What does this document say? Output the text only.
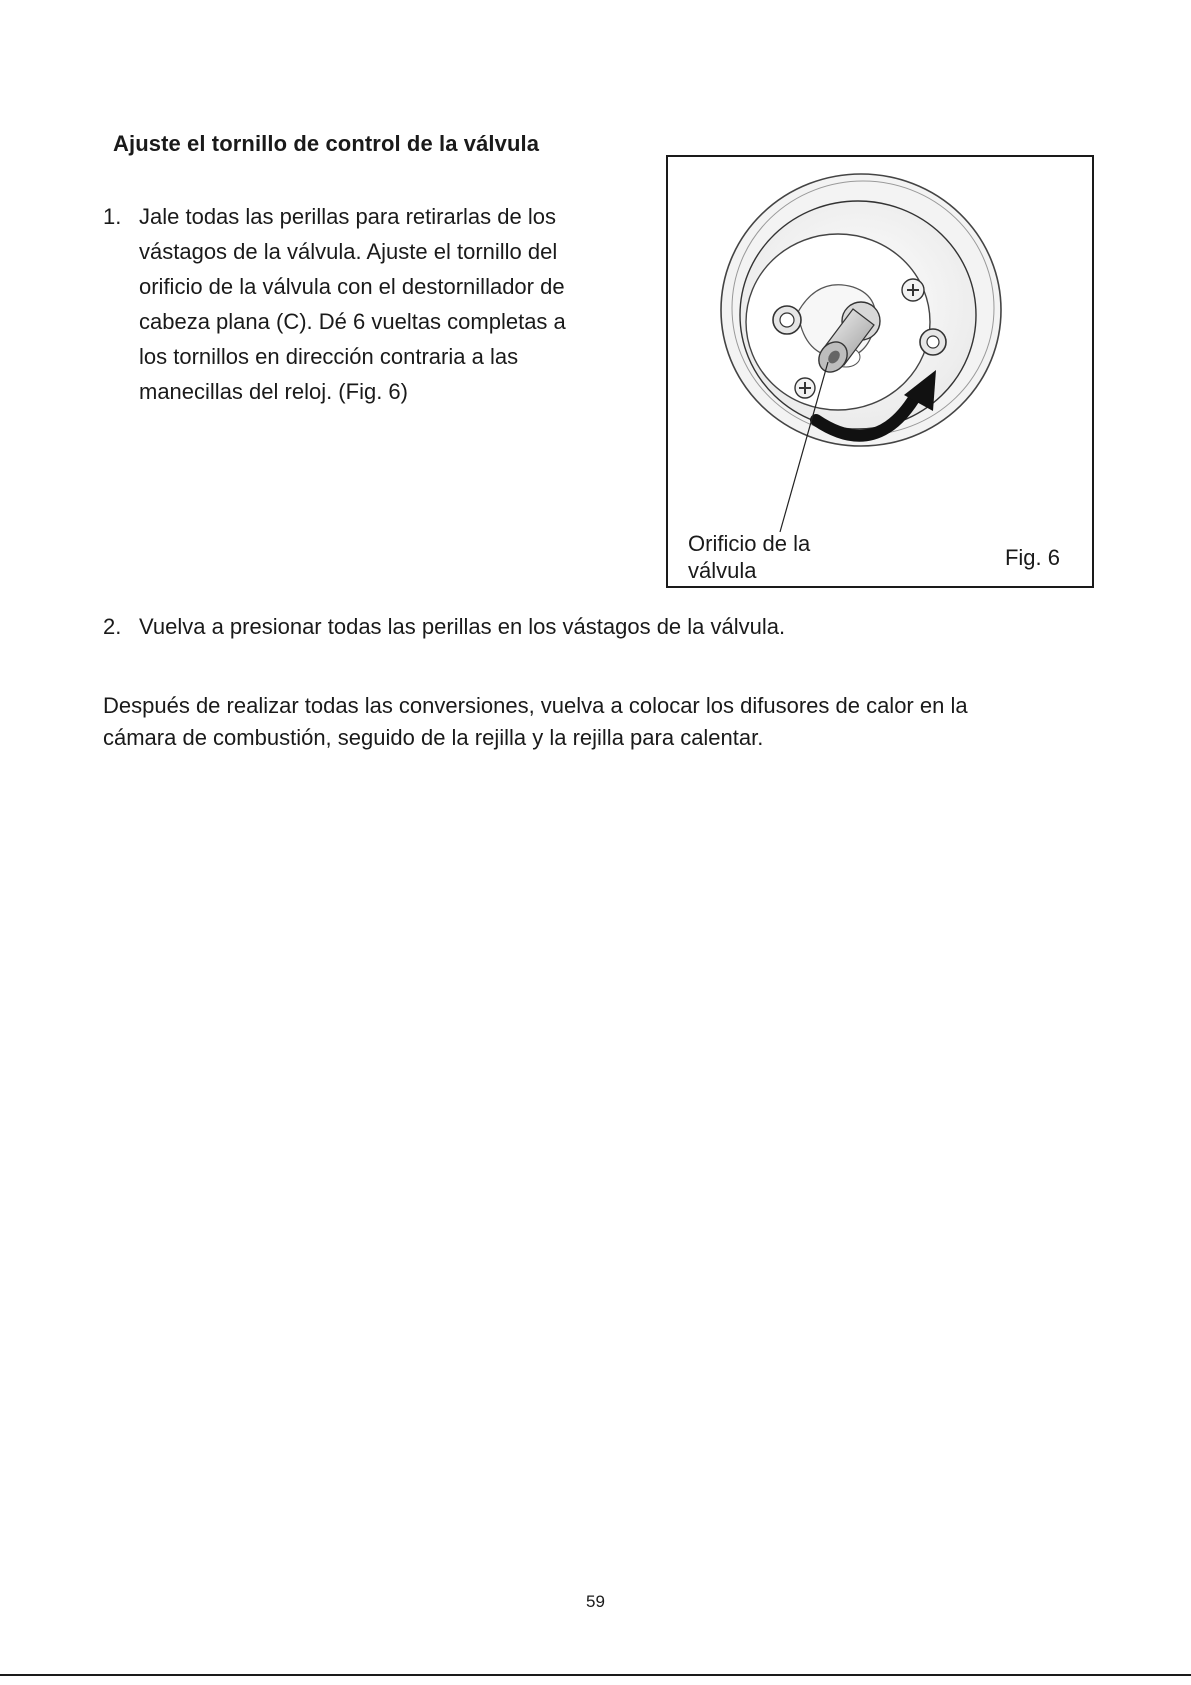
Ajuste el tornillo de control de la válvula
1. Jale todas las perillas para retirarlas de los
vástagos de la válvula. Ajuste el tornillo del
orificio de la válvula con el destornillador de
cabeza plana (C). Dé 6 vueltas completas a
los tornillos en dirección contraria a las
manecillas del reloj. (Fig. 6)
Orificio de la
válvula
Fig. 6
2. Vuelva a presionar todas las perillas en los vástagos de la válvula.
Después de realizar todas las conversiones, vuelva a colocar los difusores de calor en la
cámara de combustión, seguido de la rejilla y la rejilla para calentar.
59
